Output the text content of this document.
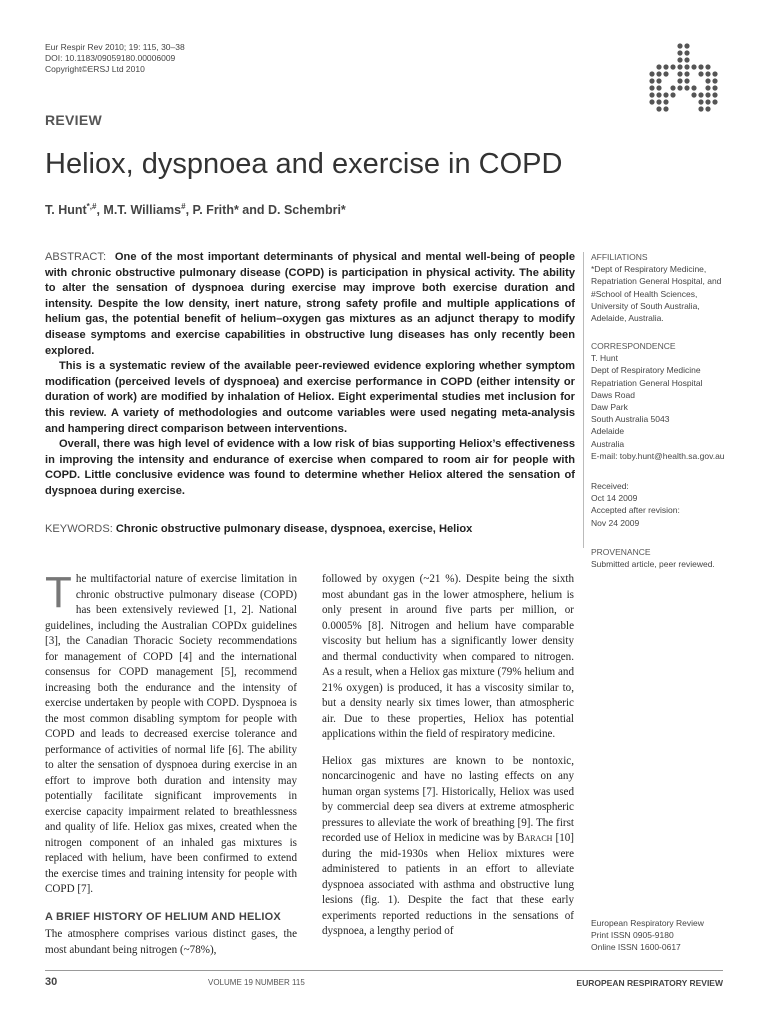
Eur Respir Rev 2010; 19: 115, 30–38
DOI: 10.1183/09059180.00006009
Copyright©ERSJ Ltd 2010
REVIEW
Heliox, dyspnoea and exercise in COPD
T. Hunt*,#, M.T. Williams#, P. Frith* and D. Schembri*

ABSTRACT: One of the most important determinants of physical and mental well-being of people with chronic obstructive pulmonary disease (COPD) is participation in physical activity. The ability to alter the sensation of dyspnoea during exercise may improve both exercise duration and intensity. Despite the low density, inert nature, strong safety profile and multiple applications of helium gas, the potential benefit of helium–oxygen gas mixtures as an adjunct therapy to modify disease symptoms and exercise capabilities in obstructive lung diseases has only recently been explored.

This is a systematic review of the available peer-reviewed evidence exploring whether symptom modification (perceived levels of dyspnoea) and exercise performance in COPD (either intensity or duration of work) are modified by inhalation of Heliox. Eight experimental studies met inclusion for this review. A variety of methodologies and outcome variables were used negating meta-analysis and hampering direct comparison between interventions.

Overall, there was high level of evidence with a low risk of bias supporting Heliox’s effectiveness in improving the intensity and endurance of exercise when compared to room air for people with COPD. Little conclusive evidence was found to determine whether Heliox altered the sensation of dyspnoea during exercise.

KEYWORDS: Chronic obstructive pulmonary disease, dyspnoea, exercise, Heliox
AFFILIATIONS
*Dept of Respiratory Medicine,
Repatriation General Hospital, and
#School of Health Sciences,
University of South Australia,
Adelaide, Australia.
CORRESPONDENCE
T. Hunt
Dept of Respiratory Medicine
Repatriation General Hospital
Daws Road
Daw Park
South Australia 5043
Adelaide
Australia
E-mail: toby.hunt@health.sa.gov.au
Received:
Oct 14 2009
Accepted after revision:
Nov 24 2009
PROVENANCE
Submitted article, peer reviewed.
European Respiratory Review
Print ISSN 0905-9180
Online ISSN 1600-0617

The multifactorial nature of exercise limitation in chronic obstructive pulmonary disease (COPD) has been extensively reviewed [1, 2]. National guidelines, including the Australian COPDx guidelines [3], the Canadian Thoracic Society recommendations for management of COPD [4] and the international consensus for COPD management [5], recommend increasing both the endurance and the intensity of exercise undertaken by people with COPD. Dyspnoea is the most common disabling symptom for people with COPD and leads to decreased exercise tolerance and performance of activities of normal life [6]. The ability to alter the sensation of dyspnoea during exercise in an effort to improve both duration and intensity may potentially facilitate significant improvements in exercise capacity impairment related to breathlessness and quality of life. Heliox gas mixes, created when the nitrogen component of an inhaled gas mixtures is replaced with helium, have been confirmed to extend the exercise times and training intensity for people with COPD [7].

A BRIEF HISTORY OF HELIUM AND HELIOX

The atmosphere comprises various distinct gases, the most abundant being nitrogen (~78%),

followed by oxygen (~21 %). Despite being the sixth most abundant gas in the lower atmosphere, helium is only present in around five parts per million, or 0.0005% [8]. Nitrogen and helium have comparable viscosity but helium has a significantly lower density and thermal conductivity when compared to nitrogen. As a result, when a Heliox gas mixture (79% helium and 21% oxygen) is produced, it has a viscosity similar to, but a density nearly six times lower, than atmospheric air. Due to these properties, Heliox has potential applications within the field of respiratory medicine.

Heliox gas mixtures are known to be nontoxic, noncarcinogenic and have no lasting effects on any human organ systems [7]. Historically, Heliox was used by commercial deep sea divers at extreme atmospheric pressures to alleviate the work of breathing [9]. The first recorded use of Heliox in medicine was by Barach [10] during the mid-1930s when Heliox mixtures were administered to patients in an effort to alleviate dyspnoea associated with asthma and obstructive lung lesions (fig. 1). Despite the fact that these early experiments reported reductions in the sensations of dyspnoea, a lengthy period of

30	VOLUME 19 NUMBER 115	EUROPEAN RESPIRATORY REVIEW
